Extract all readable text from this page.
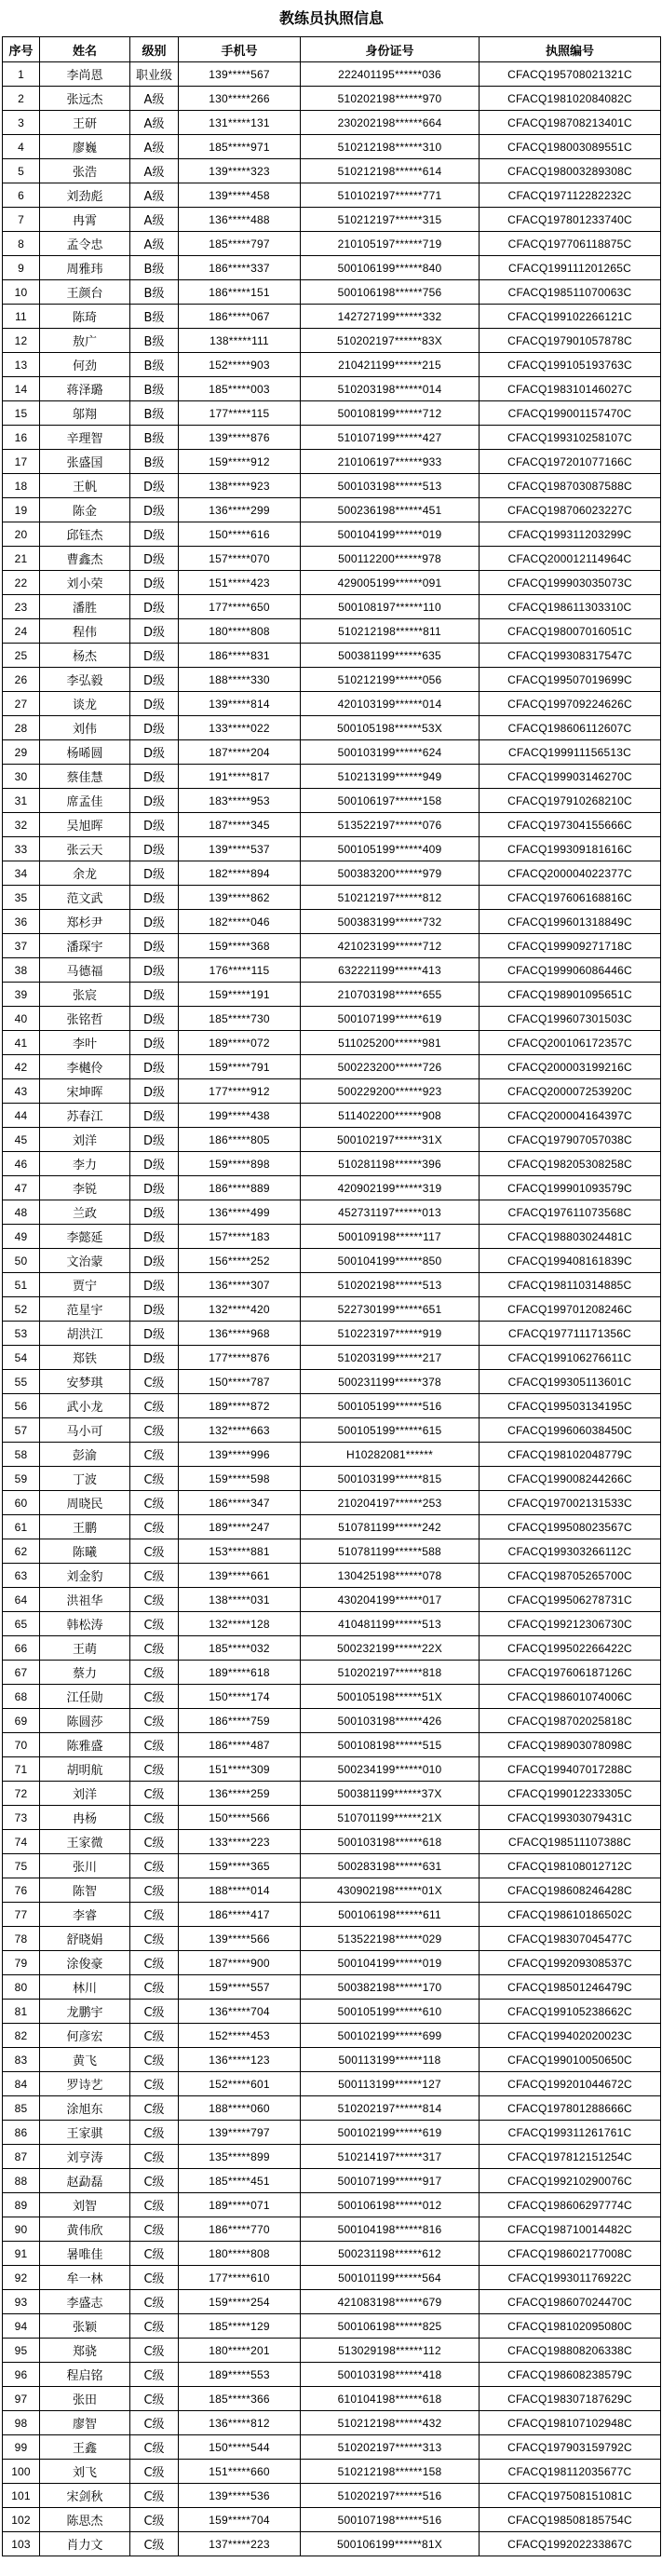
教练员执照信息
序号	姓名	级别	手机号	身份证号	执照编号
1	李尚恩	职业级	139*****567	222401195******036	CFACQ195708021321C
2	张远杰	A级	130*****266	510202198******970	CFACQ198102084082C
3	王研	A级	131*****131	230202198******664	CFACQ198708213401C
4	廖巍	A级	185*****971	510212198******310	CFACQ198003089551C
5	张浩	A级	139*****323	510212198******614	CFACQ198003289308C
6	刘劲彪	A级	139*****458	510102197******771	CFACQ197112282232C
7	冉霄	A级	136*****488	510212197******315	CFACQ197801233740C
8	孟令忠	A级	185*****797	210105197******719	CFACQ197706118875C
9	周雅玮	B级	186*****337	500106199******840	CFACQ199111201265C
10	王颜台	B级	186*****151	500106198******756	CFACQ198511070063C
11	陈琦	B级	186*****067	142727199******332	CFACQ199102266121C
12	敖广	B级	138*****111	510202197******83X	CFACQ197901057878C
13	何劲	B级	152*****903	210421199******215	CFACQ199105193763C
14	蒋泽璐	B级	185*****003	510203198******014	CFACQ198310146027C
15	邬翔	B级	177*****115	500108199******712	CFACQ199001157470C
16	辛理智	B级	139*****876	510107199******427	CFACQ199310258107C
17	张盛国	B级	159*****912	210106197******933	CFACQ197201077166C
18	王帆	D级	138*****923	500103198******513	CFACQ198703087588C
19	陈金	D级	136*****299	500236198******451	CFACQ198706023227C
20	邱钰杰	D级	150*****616	500104199******019	CFACQ199311203299C
21	曹鑫杰	D级	157*****070	500112200******978	CFACQ200012114964C
22	刘小荣	D级	151*****423	429005199******091	CFACQ199903035073C
23	潘胜	D级	177*****650	500108197******110	CFACQ198611303310C
24	程伟	D级	180*****808	510212198******811	CFACQ198007016051C
25	杨杰	D级	186*****831	500381199******635	CFACQ199308317547C
26	李弘毅	D级	188*****330	510212199******056	CFACQ199507019699C
27	谈龙	D级	139*****814	420103199******014	CFACQ199709224626C
28	刘伟	D级	133*****022	500105198******53X	CFACQ198606112607C
29	杨晞圆	D级	187*****204	500103199******624	CFACQ199911156513C
30	蔡佳慧	D级	191*****817	510213199******949	CFACQ199903146270C
31	席孟佳	D级	183*****953	500106197******158	CFACQ197910268210C
32	吴旭晖	D级	187*****345	513522197******076	CFACQ197304155666C
33	张云天	D级	139*****537	500105199******409	CFACQ199309181616C
34	余龙	D级	182*****894	500383200******979	CFACQ200004022377C
35	范文武	D级	139*****862	510212197******812	CFACQ197606168816C
36	郑杉尹	D级	182*****046	500383199******732	CFACQ199601318849C
37	潘琛宇	D级	159*****368	421023199******712	CFACQ199909271718C
38	马德福	D级	176*****115	632221199******413	CFACQ199906086446C
39	张宸	D级	159*****191	210703198******655	CFACQ198901095651C
40	张铭哲	D级	185*****730	500107199******619	CFACQ199607301503C
41	李叶	D级	189*****072	511025200******981	CFACQ200106172357C
42	李樾伶	D级	159*****791	500223200******726	CFACQ200003199216C
43	宋坤晖	D级	177*****912	500229200******923	CFACQ200007253920C
44	苏春江	D级	199*****438	511402200******908	CFACQ200004164397C
45	刘洋	D级	186*****805	500102197******31X	CFACQ197907057038C
46	李力	D级	159*****898	510281198******396	CFACQ198205308258C
47	李锐	D级	186*****889	420902199******319	CFACQ199901093579C
48	兰政	D级	136*****499	452731197******013	CFACQ197611073568C
49	李懿延	D级	157*****183	500109198******117	CFACQ198803024481C
50	文治蒙	D级	156*****252	500104199******850	CFACQ199408161839C
51	贾宁	D级	136*****307	510202198******513	CFACQ198110314885C
52	范星宇	D级	132*****420	522730199******651	CFACQ199701208246C
53	胡洪江	D级	136*****968	510223197******919	CFACQ197711171356C
54	郑铁	D级	177*****876	510203199******217	CFACQ199106276611C
55	安梦琪	C级	150*****787	500231199******378	CFACQ199305113601C
56	武小龙	C级	189*****872	500105199******516	CFACQ199503134195C
57	马小可	C级	132*****663	500105199******615	CFACQ199606038450C
58	彭渝	C级	139*****996	H10282081******	CFACQ198102048779C
59	丁波	C级	159*****598	500103199******815	CFACQ199008244266C
60	周晓民	C级	186*****347	210204197******253	CFACQ197002131533C
61	王鹏	C级	189*****247	510781199******242	CFACQ199508023567C
62	陈曦	C级	153*****881	510781199******588	CFACQ199303266112C
63	刘金豹	C级	139*****661	130425198******078	CFACQ198705265700C
64	洪祖华	C级	138*****031	430204199******017	CFACQ199506278731C
65	韩松涛	C级	132*****128	410481199******513	CFACQ199212306730C
66	王萌	C级	185*****032	500232199******22X	CFACQ199502266422C
67	蔡力	C级	189*****618	510202197******818	CFACQ197606187126C
68	江任勋	C级	150*****174	500105198******51X	CFACQ198601074006C
69	陈圆莎	C级	186*****759	500103198******426	CFACQ198702025818C
70	陈雅盛	C级	186*****487	500108198******515	CFACQ198903078098C
71	胡明航	C级	151*****309	500234199******010	CFACQ199407017288C
72	刘洋	C级	136*****259	500381199******37X	CFACQ199012233305C
73	冉杨	C级	150*****566	510701199******21X	CFACQ199303079431C
74	王家微	C级	133*****223	500103198******618	CFACQ198511107388C
75	张川	C级	159*****365	500283198******631	CFACQ198108012712C
76	陈智	C级	188*****014	430902198******01X	CFACQ198608246428C
77	李睿	C级	186*****417	500106198******611	CFACQ198610186502C
78	舒晓娟	C级	139*****566	513522198******029	CFACQ198307045477C
79	涂俊豪	C级	187*****900	500104199******019	CFACQ199209308537C
80	林川	C级	159*****557	500382198******170	CFACQ198501246479C
81	龙鹏宇	C级	136*****704	500105199******610	CFACQ199105238662C
82	何彦宏	C级	152*****453	500102199******699	CFACQ199402020023C
83	黄飞	C级	136*****123	500113199******118	CFACQ199010050650C
84	罗诗艺	C级	152*****601	500113199******127	CFACQ199201044672C
85	涂旭东	C级	188*****060	510202197******814	CFACQ197801288666C
86	王家骐	C级	139*****797	500102199******619	CFACQ199311261761C
87	刘亨涛	C级	135*****899	510214197******317	CFACQ197812151254C
88	赵勐磊	C级	185*****451	500107199******917	CFACQ199210290076C
89	刘智	C级	189*****071	500106198******012	CFACQ198606297774C
90	黄伟欣	C级	186*****770	500104198******816	CFACQ198710014482C
91	暑唯佳	C级	180*****808	500231198******612	CFACQ198602177008C
92	牟一林	C级	177*****610	500101199******564	CFACQ199301176922C
93	李盛志	C级	159*****254	421083198******679	CFACQ198607024470C
94	张颖	C级	185*****129	500106198******825	CFACQ198102095080C
95	郑骁	C级	180*****201	513029198******112	CFACQ198808206338C
96	程启铭	C级	189*****553	500103198******418	CFACQ198608238579C
97	张田	C级	185*****366	610104198******618	CFACQ198307187629C
98	廖智	C级	136*****812	510212198******432	CFACQ198107102948C
99	王鑫	C级	150*****544	510202197******313	CFACQ197903159792C
100	刘飞	C级	151*****660	510212198******158	CFACQ198112035677C
101	宋剑秋	C级	139*****536	510202197******516	CFACQ197508151081C
102	陈思杰	C级	159*****704	500107198******516	CFACQ198508185754C
103	肖力文	C级	137*****223	500106199******81X	CFACQ199202233867C
